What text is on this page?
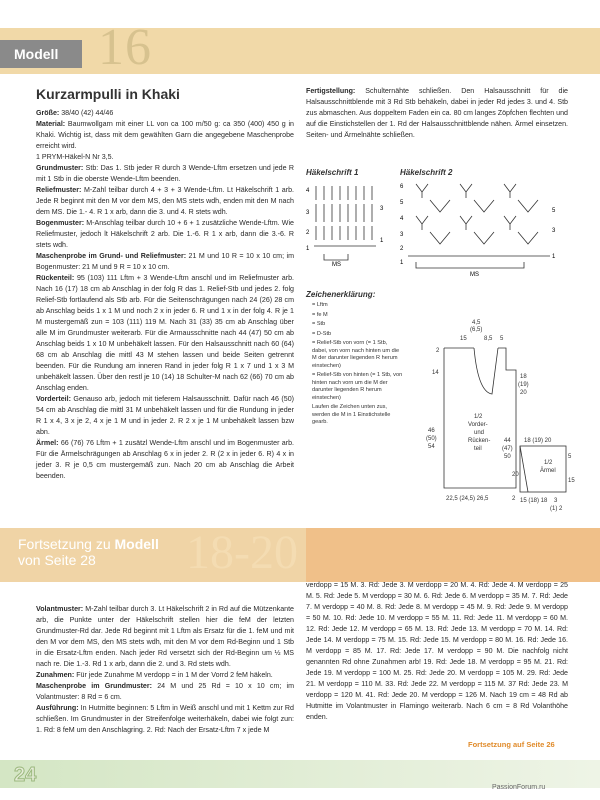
Modell 16
Kurzarmpulli in Khaki

Größe: 38/40 (42) 44/46

Material: Baumwollgarn mit einer LL von ca 100 m/50 g: ca 350 (400) 450 g in Khaki. Wichtig ist, dass mit dem gewählten Garn die angegebene Maschenprobe erreicht wird.

1 PRYM-Häkel-N Nr 3,5.

Grundmuster: Stb: Das 1. Stb jeder R durch 3 Wende-Lftm ersetzen und jede R mit 1 Stb in die oberste Wende-Lftm beenden.

Reliefmuster: M-Zahl teilbar durch 4 + 3 + 3 Wende-Lftm. Lt Häkelschrift 1 arb. Jede R beginnt mit den M vor dem MS, den MS stets wdh, enden mit den M nach dem MS. Die 1.- 4. R 1 x arb, dann die 3. und 4. R stets wdh.

Bogenmuster: M-Anschlag teilbar durch 10 + 6 + 1 zusätzliche Wende-Lftm. Wie Reliefmuster, jedoch lt Häkelschrift 2 arb. Die 1.-6. R 1 x arb, dann die 3.-6. R stets wdh.

Maschenprobe im Grund- und Reliefmuster: 21 M und 10 R = 10 x 10 cm; im Bogenmuster: 21 M und 9 R = 10 x 10 cm.

Rückenteil: 95 (103) 111 Lftm + 3 Wende-Lftm anschl und im Reliefmuster arb. Nach 16 (17) 18 cm ab Anschlag in der folg R das 1. Relief-Stb und jedes 2. folg Relief-Stb fortlaufend als Stb arb. Für die Seitenschrägungen nach 24 (26) 28 cm ab Anschlag beids 1 x 1 M und noch 2 x in jeder 6. R und 1 x in der folg 4. R je 1 M mustergemäß zun = 103 (111) 119 M. Nach 31 (33) 35 cm ab Anschlag über alle M im Grundmuster weiterarb. Für die Armausschnitte nach 44 (47) 50 cm ab Anschlag beids 1 x 10 M unbehäkelt lassen. Für den Halsausschnitt nach 60 (64) 68 cm ab Anschlag die mittl 43 M stehen lassen und beide Seiten getrennt beenden. Für die Rundung am inneren Rand in jeder folg R 1 x 7 und 1 x 3 M unbehäkelt lassen. Über den restl je 10 (14) 18 Schulter-M nach 62 (66) 70 cm ab Anschlag enden.

Vorderteil: Genauso arb, jedoch mit tieferem Halsausschnitt. Dafür nach 46 (50) 54 cm ab Anschlag die mittl 31 M unbehäkelt lassen und für die Rundung in jeder R 1 x 4, 3 x je 2, 4 x je 1 M und in jeder 2. R 2 x je 1 M unbehäkelt lassen bzw abn.

Ärmel: 66 (76) 76 Lftm + 1 zusätzl Wende-Lftm anschl und im Bogenmuster arb. Für die Ärmelschrägungen ab Anschlag 6 x in jeder 2. R (2 x in jeder 6. R) 4 x in jeder 3. R je 0,5 cm mustergemäß zun. Nach 20 cm ab Anschlag die Arbeit beenden.

Fertigstellung: Schulternähte schließen. Den Halsausschnitt für die Halsausschnittblende mit 3 Rd Stb behäkeln, dabei in jeder Rd jedes 3. und 4. Stb zus abmaschen. Aus doppeltem Faden ein ca. 80 cm langes Zöpfchen flechten und auf die Einstichstellen der 1. Rd der Halsausschnittblende nähen. Ärmel einsetzen. Seiten- und Ärmelnähte schließen.

Häkelschrift 1	Häkelschrift 2
4
3
2
1
MS
3
1
6
5
4
3
2
1
MS
5
3
1
Zeichenerklärung:
= Lftm
= fe M
= Stb
= D-Stb
= Relief-Stb von vorn (= 1 Stb, dabei, von vorn nach hinten um die M der darunter liegenden R herum einstechen)
= Relief-Stb von hinten (= 1 Stb, von hinten nach vorn um die M der darunter liegenden R herum einstechen)
Laufen die Zeichen unten zus, werden die M in 1 Einstichstelle gearb.
4,5
(6,5)
15	8,5 5
2
14
18
(19)
20
1/2
Vorder-
und
Rücken-
teil
46
(50)
54
44
(47)
50
22,5 (24,5) 26,5	2
18 (19) 20
5
1/2
Ärmel
20
15
15 (18) 18 3
(1) 2
Fortsetzung zu Modell
von Seite 28	18-20

Volantmuster: M-Zahl teilbar durch 3. Lt Häkelschrift 2 in Rd auf die Mützenkante arb, die Punkte unter der Häkelschrift stellen hier die feM der letzten Grundmuster-Rd dar. Jede Rd beginnt mit 1 Lftm als Ersatz für die 1. feM und mit den M vor dem MS, den MS stets wdh, mit den M vor dem Rd-Beginn und 1 Stb in die Ersatz-Lftm enden. Nach jeder Rd versetzt sich der Rd-Beginn um ½ MS nach re. Die 1.-3. Rd 1 x arb, dann die 2. und 3. Rd stets wdh.

Zunahmen: Für jede Zunahme M verdopp = in 1 M der Vorrd 2 feM häkeln.

Maschenprobe im Grundmuster: 24 M und 25 Rd = 10 x 10 cm; im Volantmuster: 8 Rd = 6 cm.

Ausführung: In Hutmitte beginnen: 5 Lftm in Weiß anschl und mit 1 Kettm zur Rd schließen. Im Grundmuster in der Streifenfolge weiterhäkeln, dabei wie folgt zun: 1. Rd: 8 feM um den Anschlagring. 2. Rd: Nach der Ersatz-Lftm 7 x jede M

verdopp = 15 M. 3. Rd: Jede 3. M verdopp = 20 M. 4. Rd: Jede 4. M verdopp = 25 M. 5. Rd: Jede 5. M verdopp = 30 M. 6. Rd: Jede 6. M verdopp = 35 M. 7. Rd: Jede 7. M verdopp = 40 M. 8. Rd: Jede 8. M verdopp = 45 M. 9. Rd: Jede 9. M verdopp = 50 M. 10. Rd: Jede 10. M verdopp = 55 M. 11. Rd: Jede 11. M verdopp = 60 M. 12. Rd: Jede 12. M verdopp = 65 M. 13. Rd: Jede 13. M verdopp = 70 M. 14. Rd: Jede 14. M verdopp = 75 M. 15. Rd: Jede 15. M verdopp = 80 M. 16. Rd: Jede 16. M verdopp = 85 M. 17. Rd: Jede 17. M verdopp = 90 M. Die nachfolg nicht genannten Rd ohne Zunahmen arb! 19. Rd: Jede 18. M verdopp = 95 M. 21. Rd: Jede 19. M verdopp = 100 M. 25. Rd: Jede 20. M verdopp = 105 M. 29. Rd: Jede 21. M verdopp = 110 M. 33. Rd: Jede 22. M verdopp = 115 M. 37 Rd: Jede 23. M verdopp = 120 M. 41. Rd: Jede 20. M verdopp = 126 M. Nach 19 cm = 48 Rd ab Hutmitte im Volantmuster in Flamingo weiterarb. Nach 6 cm = 8 Rd Volanthöhe enden.
Fortsetzung auf Seite 26
24
PassionForum.ru
